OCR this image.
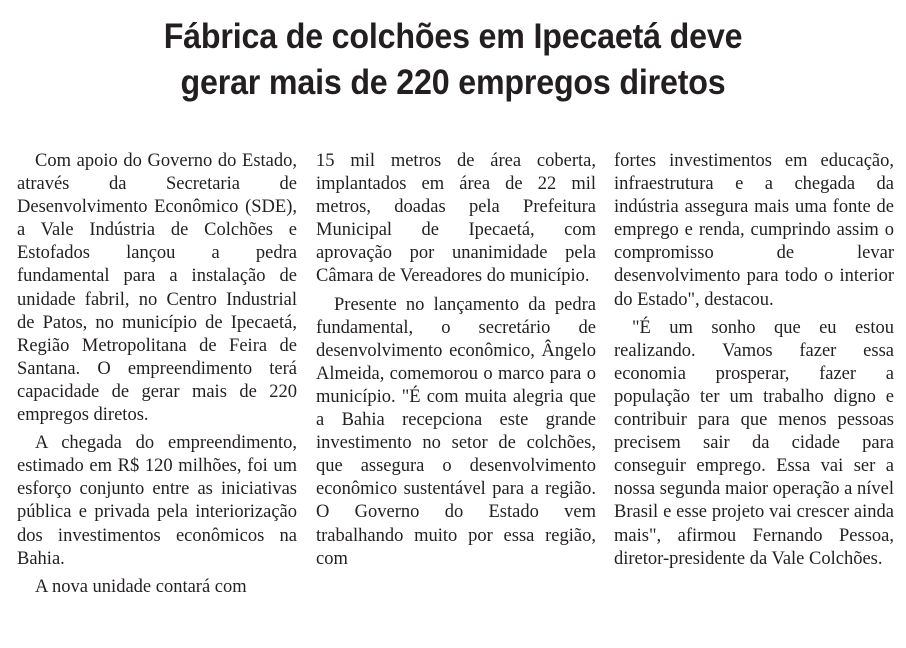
Fábrica de colchões em Ipecaetá deve
gerar mais de 220 empregos diretos

Com apoio do Governo do Estado, através da Secretaria de Desenvolvimento Econômico (SDE), a Vale Indústria de Colchões e Estofados lançou a pedra fundamental para a instalação de unidade fabril, no Centro Industrial de Patos, no município de Ipecaetá, Região Metropolitana de Feira de Santana. O empreendimento terá capacidade de gerar mais de 220 empregos diretos.

A chegada do empreendimento, estimado em R$ 120 milhões, foi um esforço conjunto entre as iniciativas pública e privada pela interiorização dos investimentos econômicos na Bahia.

A nova unidade contará com

15 mil metros de área coberta, implantados em área de 22 mil metros, doadas pela Prefeitura Municipal de Ipecaetá, com aprovação por unanimidade pela Câmara de Vereadores do município.

Presente no lançamento da pedra fundamental, o secretário de desenvolvimento econômico, Ângelo Almeida, comemorou o marco para o município. "É com muita alegria que a Bahia recepciona este grande investimento no setor de colchões, que assegura o desenvolvimento econômico sustentável para a região. O Governo do Estado vem trabalhando muito por essa região, com

fortes investimentos em educação, infraestrutura e a chegada da indústria assegura mais uma fonte de emprego e renda, cumprindo assim o compromisso de levar desenvolvimento para todo o interior do Estado", destacou.

"É um sonho que eu estou realizando. Vamos fazer essa economia prosperar, fazer a população ter um trabalho digno e contribuir para que menos pessoas precisem sair da cidade para conseguir emprego. Essa vai ser a nossa segunda maior operação a nível Brasil e esse projeto vai crescer ainda mais", afirmou Fernando Pessoa, diretor-presidente da Vale Colchões.
